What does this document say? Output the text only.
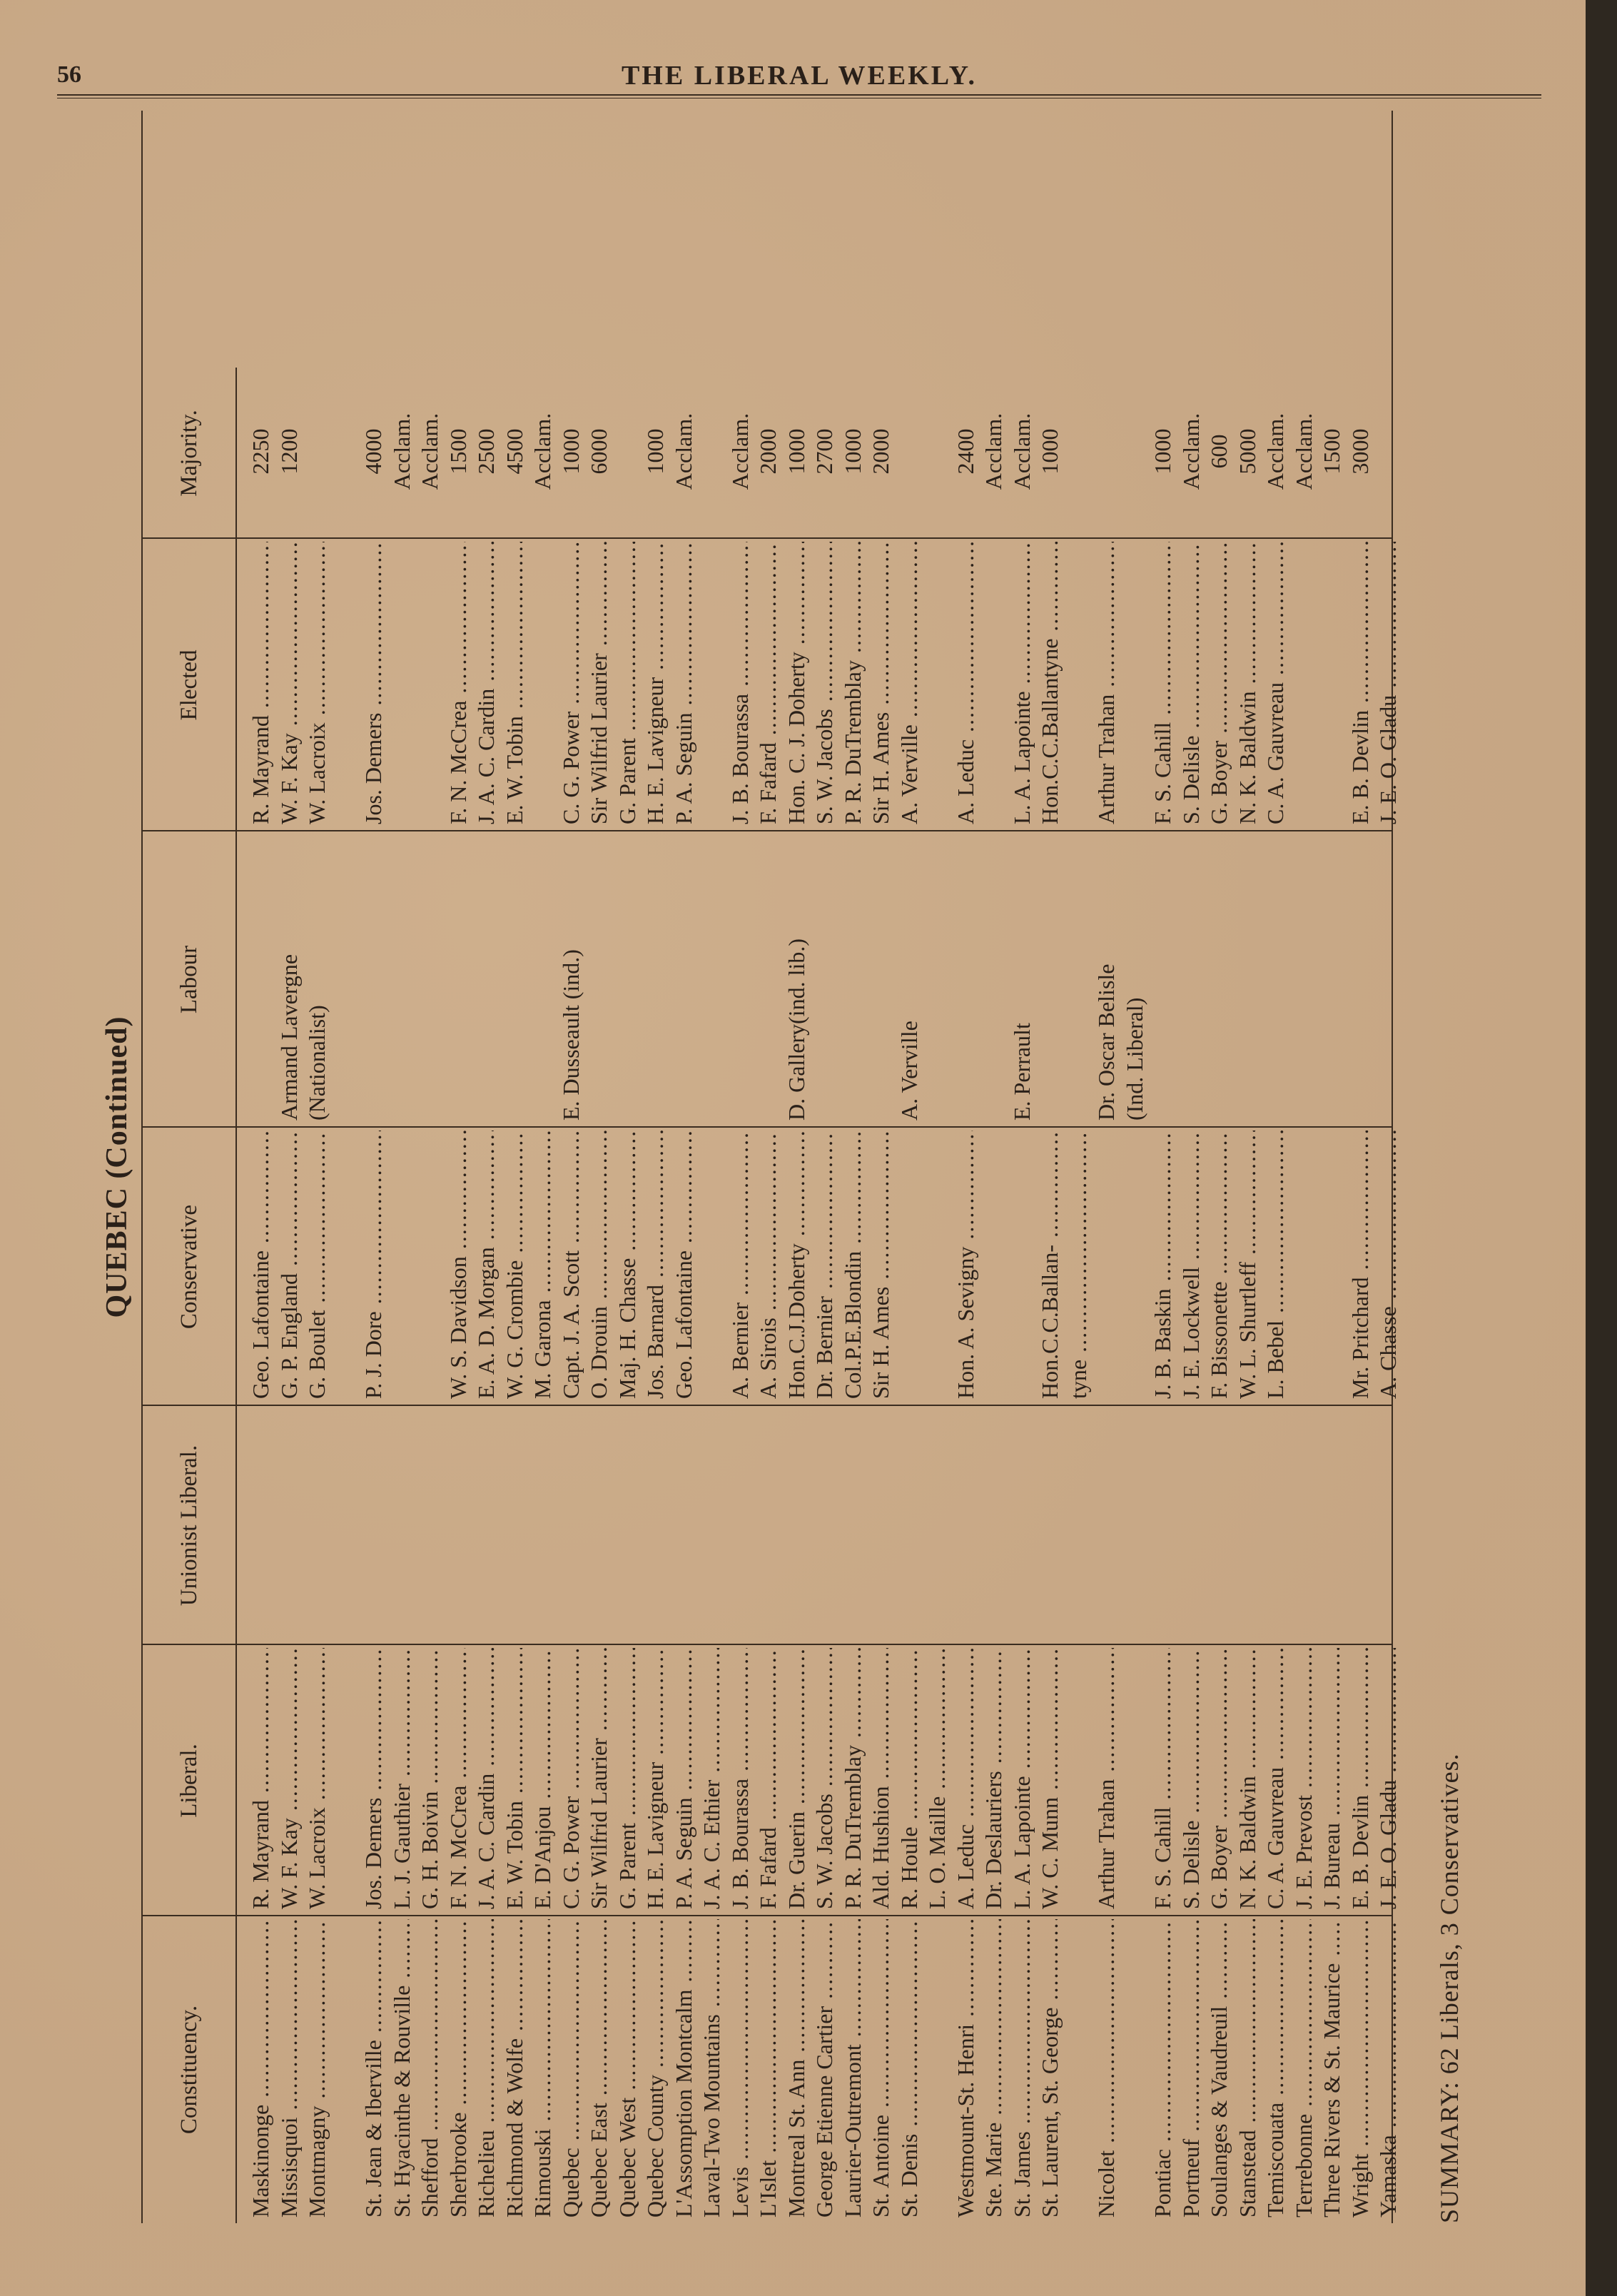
56	THE LIBERAL WEEKLY.
QUEBEC (Continued)
Constituency.
Liberal.
Unionist Liberal.
Conservative
Labour
Elected
Majority.
Maskinonge .....
R. Mayrand .....
Geo. Lafontaine .....
R. Mayrand .....
2250
Missisquoi .....
W. F. Kay .....
G. P. England .....
Armand Lavergne
W. F. Kay .....
1200
Montmagny .....
W. Lacroix .....
G. Boulet .....
(Nationalist)
W. Lacroix .....
St. Jean & Iberville .....
Jos. Demers .....
P. J. Dore .....
Jos. Demers .....
4000
St. Hyacinthe & Rouville .....
L. J. Gauthier .....
Acclam.
Shefford .....
G. H. Boivin .....
Acclam.
Sherbrooke .....
F. N. McCrea .....
W. S. Davidson .....
F. N. McCrea .....
1500
Richelieu .....
J. A. C. Cardin .....
E. A. D. Morgan .....
J. A. C. Cardin .....
2500
Richmond & Wolfe .....
E. W. Tobin .....
W. G. Crombie .....
E. W. Tobin .....
4500
Rimouski .....
E. D'Anjou .....
M. Garona .....
Acclam.
Quebec .....
C. G. Power .....
Capt. J. A. Scott .....
E. Dusseault (ind.)
C. G. Power .....
1000
Quebec East .....
Sir Wilfrid Laurier .....
O. Drouin .....
Sir Wilfrid Laurier .....
6000
Quebec West .....
G. Parent .....
Maj. H. Chasse .....
G. Parent .....
Quebec County .....
H. E. Lavigneur .....
Jos. Barnard .....
H. E. Lavigneur .....
1000
L'Assomption Montcalm .....
P. A. Seguin .....
Geo. Lafontaine .....
P. A. Seguin .....
Acclam.
Laval-Two Mountains .....
J. A. C. Ethier .....
Levis .....
J. B. Bourassa .....
A. Bernier .....
J. B. Bourassa .....
Acclam.
L'Islet .....
F. Fafard .....
A. Sirois .....
F. Fafard .....
2000
Montreal St. Ann .....
Dr. Guerin .....
Hon.C.J.Doherty .....
D. Gallery(ind. lib.)
Hon. C. J. Doherty .....
1000
George Etienne Cartier .....
S. W. Jacobs .....
Dr. Bernier .....
S. W. Jacobs .....
2700
Laurier-Outremont .....
P. R. DuTremblay .....
Col.P.E.Blondin .....
P. R. DuTremblay .....
1000
St. Antoine .....
Ald. Hushion .....
Sir H. Ames .....
Sir H. Ames .....
2000
St. Denis .....
R. Houle .....
A. Verville
A. Verville .....
L. O. Maille .....
Westmount-St. Henri .....
A. Leduc .....
Hon. A. Sevigny .....
A. Leduc .....
2400
Ste. Marie .....
Dr. Deslauriers .....
Acclam.
St. James .....
L. A. Lapointe .....
E. Perrault
L. A. Lapointe .....
Acclam.
St. Laurent, St. George .....
W. C. Munn .....
Hon.C.C.Ballan- .....
Hon.C.C.Ballantyne .....
1000
tyne .....
Nicolet .....
Arthur Trahan .....
Dr. Oscar Belisle
Arthur Trahan .....
(Ind. Liberal)
Pontiac .....
F. S. Cahill .....
J. B. Baskin .....
F. S. Cahill .....
1000
Portneuf .....
S. Delisle .....
J. E. Lockwell .....
S. Delisle .....
Acclam.
Soulanges & Vaudreuil .....
G. Boyer .....
F. Bissonette .....
G. Boyer .....
600
Stanstead .....
N. K. Baldwin .....
W. L. Shurtleff .....
N. K. Baldwin .....
5000
Temiscouata .....
C. A. Gauvreau .....
L. Bebel .....
C. A. Gauvreau .....
Acclam.
Terrebonne .....
J. E. Prevost .....
Acclam.
Three Rivers & St. Maurice .....
J. Bureau .....
1500
Wright .....
E. B. Devlin .....
Mr. Pritchard .....
E. B. Devlin .....
3000
Yamaska .....
J. E. O. Gladu .....
A. Chasse .....
J. E. O. Gladu .....
SUMMARY: 62 Liberals, 3 Conservatives.
